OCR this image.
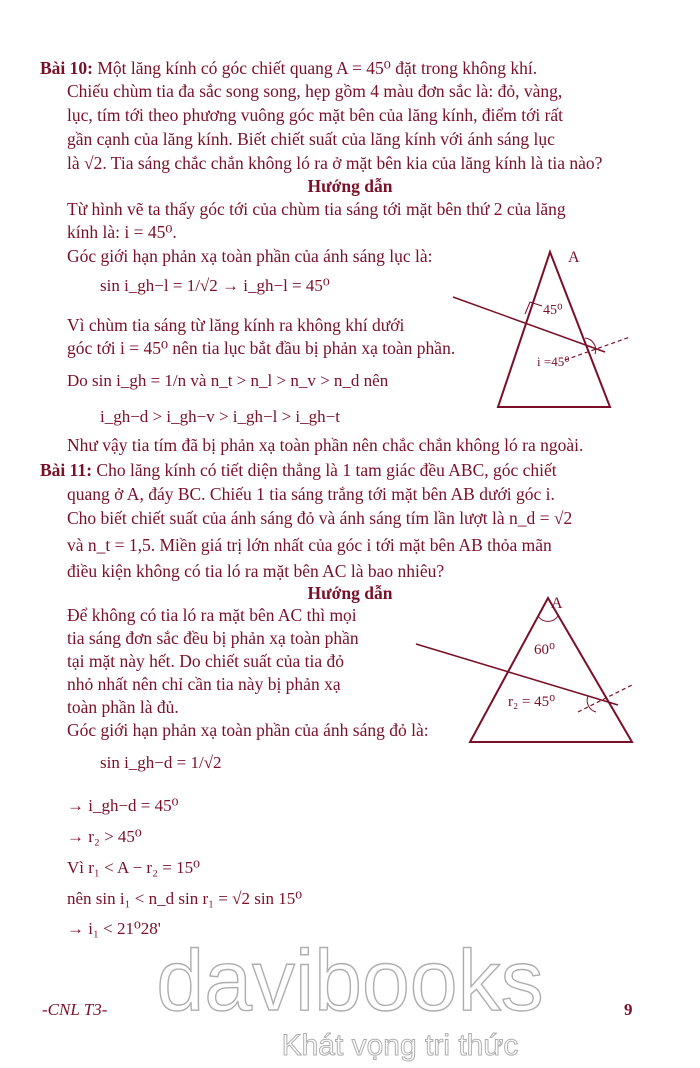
Bài 10: Một lăng kính có góc chiết quang A = 45⁰ đặt trong không khí.
Chiếu chùm tia đa sắc song song, hẹp gồm 4 màu đơn sắc là: đỏ, vàng,
lục, tím tới theo phương vuông góc mặt bên của lăng kính, điểm tới rất
gần cạnh của lăng kính. Biết chiết suất của lăng kính với ánh sáng lục
là √2. Tia sáng chắc chắn không ló ra ở mặt bên kia của lăng kính là tia nào?
Hướng dẫn
Từ hình vẽ ta thấy góc tới của chùm tia sáng tới mặt bên thứ 2 của lăng
kính là: i = 45⁰.
Góc giới hạn phản xạ toàn phần của ánh sáng lục là:
sin i_gh−l = 1/√2 → i_gh−l = 45⁰
Vì chùm tia sáng từ lăng kính ra không khí dưới
góc tới i = 45⁰ nên tia lục bắt đầu bị phản xạ toàn phần.
Do sin i_gh = 1/n và n_t > n_l > n_v > n_d nên
i_gh−d > i_gh−v > i_gh−l > i_gh−t
Như vậy tia tím đã bị phản xạ toàn phần nên chắc chắn không ló ra ngoài.
A
45⁰
i =45⁰
Bài 11: Cho lăng kính có tiết diện thẳng là 1 tam giác đều ABC, góc chiết
quang ở A, đáy BC. Chiếu 1 tia sáng trắng tới mặt bên AB dưới góc i.
Cho biết chiết suất của ánh sáng đỏ và ánh sáng tím lần lượt là n_d = √2
và n_t = 1,5. Miền giá trị lớn nhất của góc i tới mặt bên AB thỏa mãn
điều kiện không có tia ló ra mặt bên AC là bao nhiêu?
Hướng dẫn
Để không có tia ló ra mặt bên AC thì mọi
tia sáng đơn sắc đều bị phản xạ toàn phần
tại mặt này hết. Do chiết suất của tia đỏ
nhỏ nhất nên chỉ cần tia này bị phản xạ
toàn phần là đủ.
Góc giới hạn phản xạ toàn phần của ánh sáng đỏ là:
sin i_gh−d = 1/√2
→ i_gh−d = 45⁰
→ r₂ > 45⁰
Vì r₁ < A − r₂ = 15⁰
nên sin i₁ < n_d sin r₁ = √2 sin 15⁰
→ i₁ < 21⁰28'
A
60⁰
r₂ = 45⁰
davibooks
Khát vọng tri thức
-CNL T3-	9
